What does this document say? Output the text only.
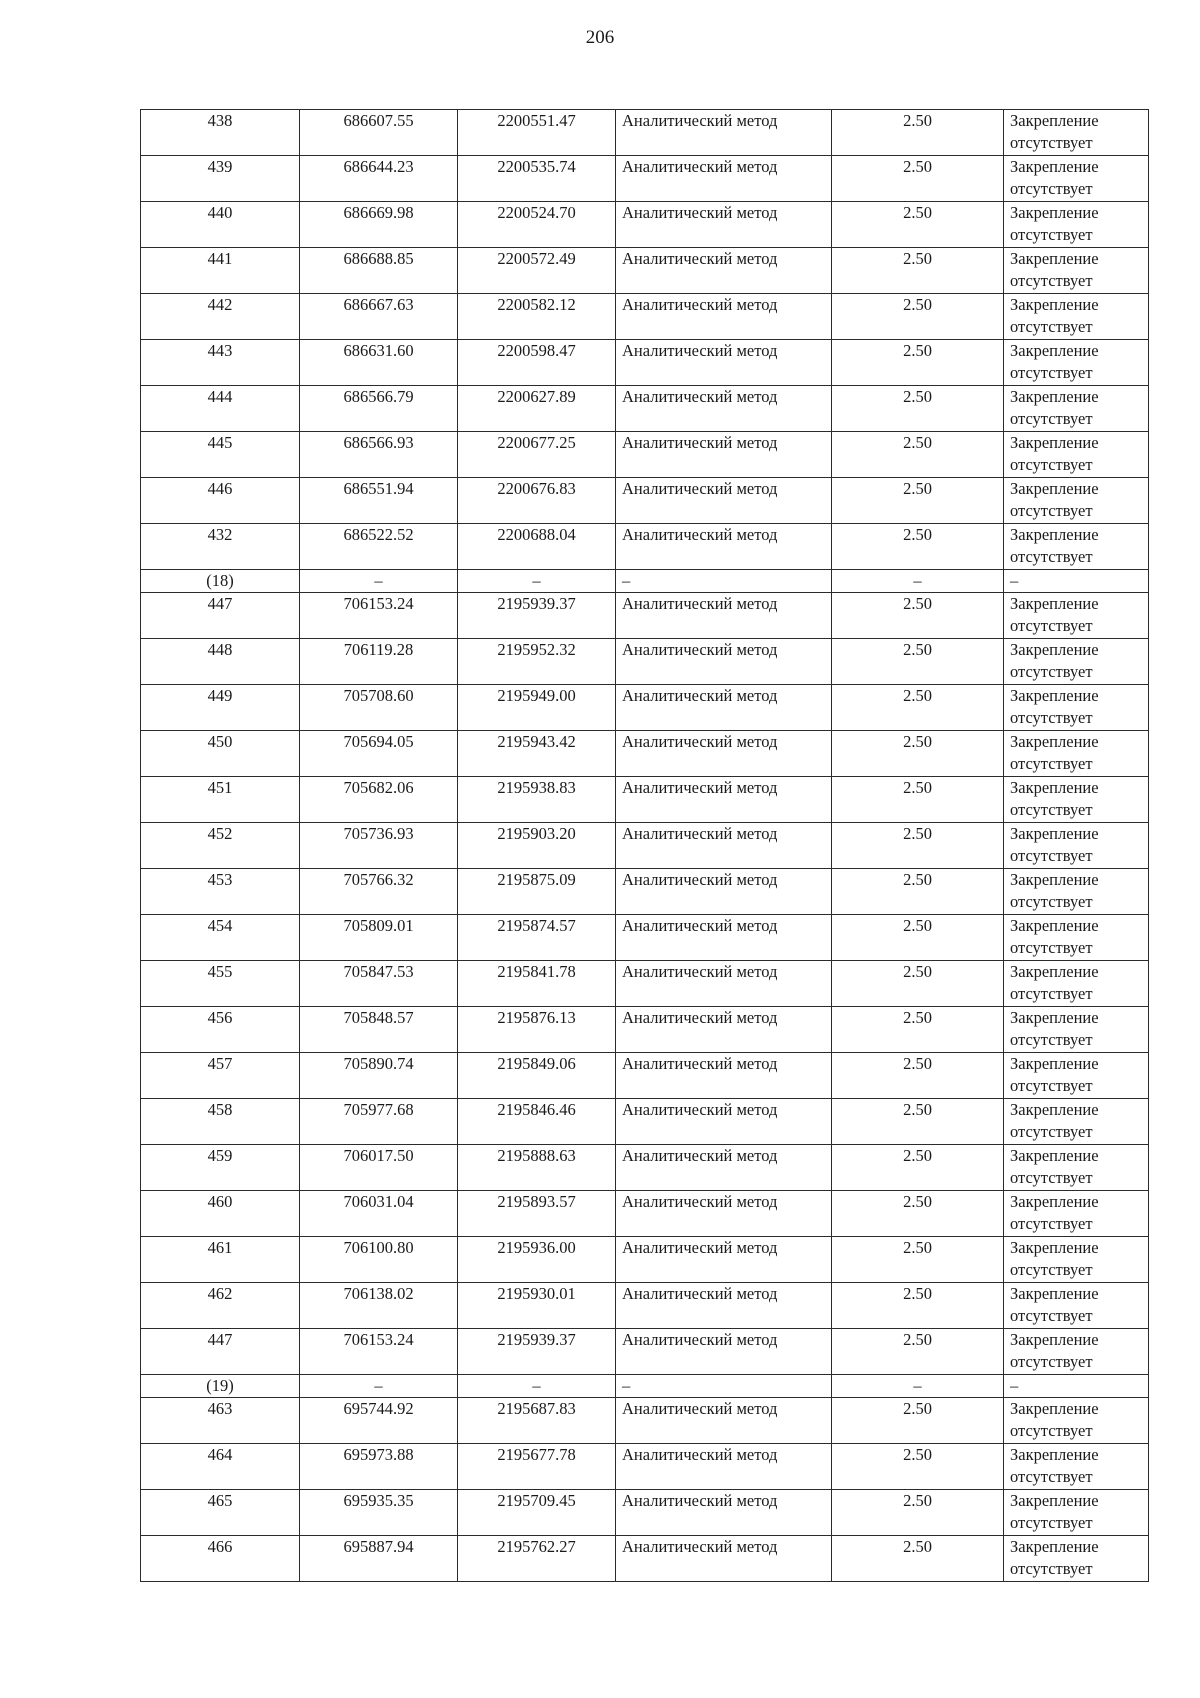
206
438	686607.55	2200551.47	Аналитический метод	2.50	Закрепление
отсутствует

439	686644.23	2200535.74	Аналитический метод	2.50	Закрепление
отсутствует

440	686669.98	2200524.70	Аналитический метод	2.50	Закрепление
отсутствует

441	686688.85	2200572.49	Аналитический метод	2.50	Закрепление
отсутствует

442	686667.63	2200582.12	Аналитический метод	2.50	Закрепление
отсутствует

443	686631.60	2200598.47	Аналитический метод	2.50	Закрепление
отсутствует

444	686566.79	2200627.89	Аналитический метод	2.50	Закрепление
отсутствует

445	686566.93	2200677.25	Аналитический метод	2.50	Закрепление
отсутствует

446	686551.94	2200676.83	Аналитический метод	2.50	Закрепление
отсутствует

432	686522.52	2200688.04	Аналитический метод	2.50	Закрепление
отсутствует

(18)	–	–	–	–	–
447	706153.24	2195939.37	Аналитический метод	2.50	Закрепление
отсутствует

448	706119.28	2195952.32	Аналитический метод	2.50	Закрепление
отсутствует

449	705708.60	2195949.00	Аналитический метод	2.50	Закрепление
отсутствует

450	705694.05	2195943.42	Аналитический метод	2.50	Закрепление
отсутствует

451	705682.06	2195938.83	Аналитический метод	2.50	Закрепление
отсутствует

452	705736.93	2195903.20	Аналитический метод	2.50	Закрепление
отсутствует

453	705766.32	2195875.09	Аналитический метод	2.50	Закрепление
отсутствует

454	705809.01	2195874.57	Аналитический метод	2.50	Закрепление
отсутствует

455	705847.53	2195841.78	Аналитический метод	2.50	Закрепление
отсутствует

456	705848.57	2195876.13	Аналитический метод	2.50	Закрепление
отсутствует

457	705890.74	2195849.06	Аналитический метод	2.50	Закрепление
отсутствует

458	705977.68	2195846.46	Аналитический метод	2.50	Закрепление
отсутствует

459	706017.50	2195888.63	Аналитический метод	2.50	Закрепление
отсутствует

460	706031.04	2195893.57	Аналитический метод	2.50	Закрепление
отсутствует

461	706100.80	2195936.00	Аналитический метод	2.50	Закрепление
отсутствует

462	706138.02	2195930.01	Аналитический метод	2.50	Закрепление
отсутствует

447	706153.24	2195939.37	Аналитический метод	2.50	Закрепление
отсутствует

(19)	–	–	–	–	–
463	695744.92	2195687.83	Аналитический метод	2.50	Закрепление
отсутствует

464	695973.88	2195677.78	Аналитический метод	2.50	Закрепление
отсутствует

465	695935.35	2195709.45	Аналитический метод	2.50	Закрепление
отсутствует

466	695887.94	2195762.27	Аналитический метод	2.50	Закрепление
отсутствует
